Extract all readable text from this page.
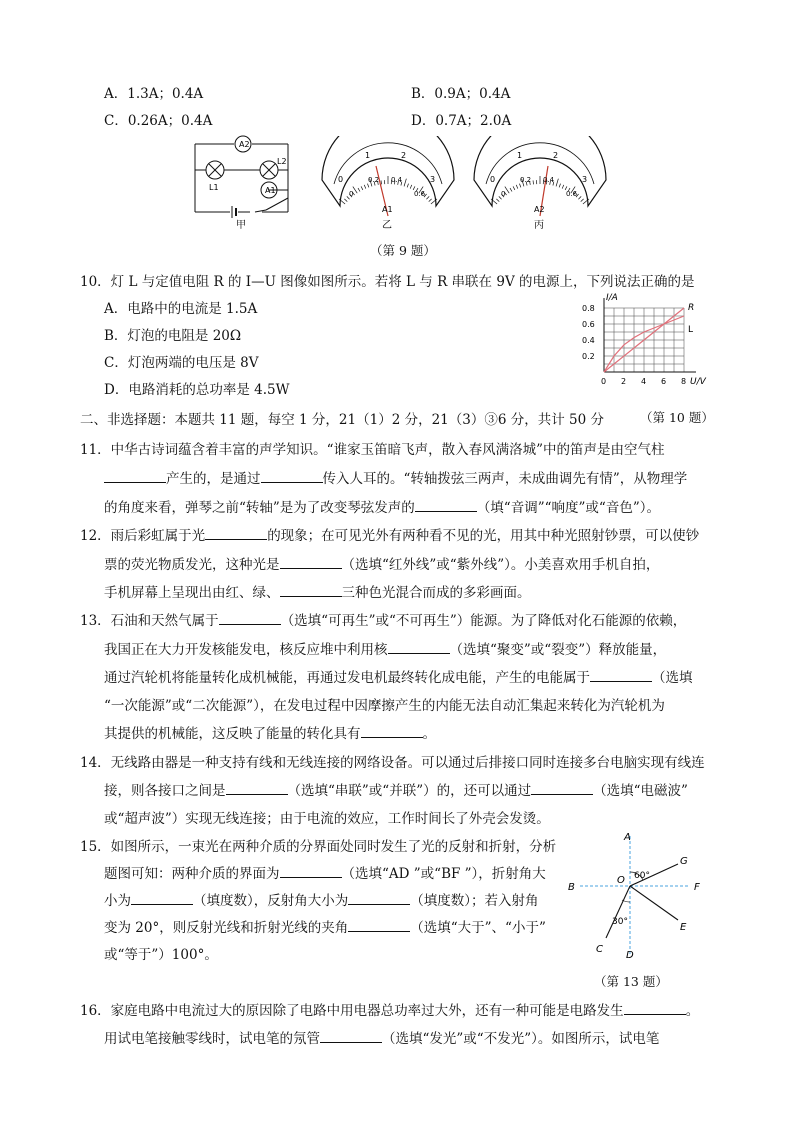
A．1.3A；0.4A	B．0.9A；0.4A
C．0.26A；0.4A	D．0.7A；2.0A
A2
L2
L1	A1
甲
0
1	2
3
0
0.2 0.4
0.6
A1
乙
0
1	2
3
0
0.2 0.4
0.6
A2
丙
（第 9 题）
10．灯 L 与定值电阻 R 的 I—U 图像如图所示。若将 L 与 R 串联在 9V 的电源上，下列说法正确的是
A．电路中的电流是 1.5A
B．灯泡的电阻是 20Ω
C．灯泡两端的电压是 8V
D．电路消耗的总功率是 4.5W
0 2 4 6 8
0.2
0.4
0.6
0.8	R
L
I/A
U/V
二、非选择题：本题共 11 题，每空 1 分，21（1）2 分，21（3）③6 分，共计 50 分	（第 10 题）
11．中华古诗词蕴含着丰富的声学知识。“谁家玉笛暗飞声，散入春风满洛城”中的笛声是由空气柱
产生的，是通过	传入人耳的。“转轴拨弦三两声，未成曲调先有情”，从物理学
的角度来看，弹琴之前“转轴”是为了改变琴弦发声的	（填“音调”“响度”或“音色”）。
12．雨后彩虹属于光	的现象；在可见光外有两种看不见的光，用其中种光照射钞票，可以使钞
票的荧光物质发光，这种光是	（选填“红外线”或“紫外线”）。小美喜欢用手机自拍，
手机屏幕上呈现出由红、绿、	三种色光混合而成的多彩画面。
13．石油和天然气属于	（选填“可再生”或“不可再生”）能源。为了降低对化石能源的依赖，
我国正在大力开发核能发电，核反应堆中利用核	（选填“聚变”或“裂变”）释放能量，
通过汽轮机将能量转化成机械能，再通过发电机最终转化成电能，产生的电能属于	（选填
“一次能源”或“二次能源”），在发电过程中因摩擦产生的内能无法自动汇集起来转化为汽轮机为
其提供的机械能，这反映了能量的转化具有	。
14．无线路由器是一种支持有线和无线连接的网络设备。可以通过后排接口同时连接多台电脑实现有线连
接，则各接口之间是	（选填“串联”或“并联”）的，还可以通过	（选填“电磁波”
或“超声波”）实现无线连接；由于电流的效应，工作时间长了外壳会发烫。
15．如图所示，一束光在两种介质的分界面处同时发生了光的反射和折射，分析
题图可知：两种介质的界面为	（选填“AD ”或“BF ”），折射角大
小为	（填度数），反射角大小为	（填度数）；若入射角
变为 20°，则反射光线和折射光线的夹角	（选填“大于”、“小于”
或“等于”）100°。
A
B
C
D
E
F
G
O 60°
30°
（第 13 题）
16．家庭电路中电流过大的原因除了电路中用电器总功率过大外，还有一种可能是电路发生	。
用试电笔接触零线时，试电笔的氖管	（选填“发光”或“不发光”）。如图所示，试电笔
